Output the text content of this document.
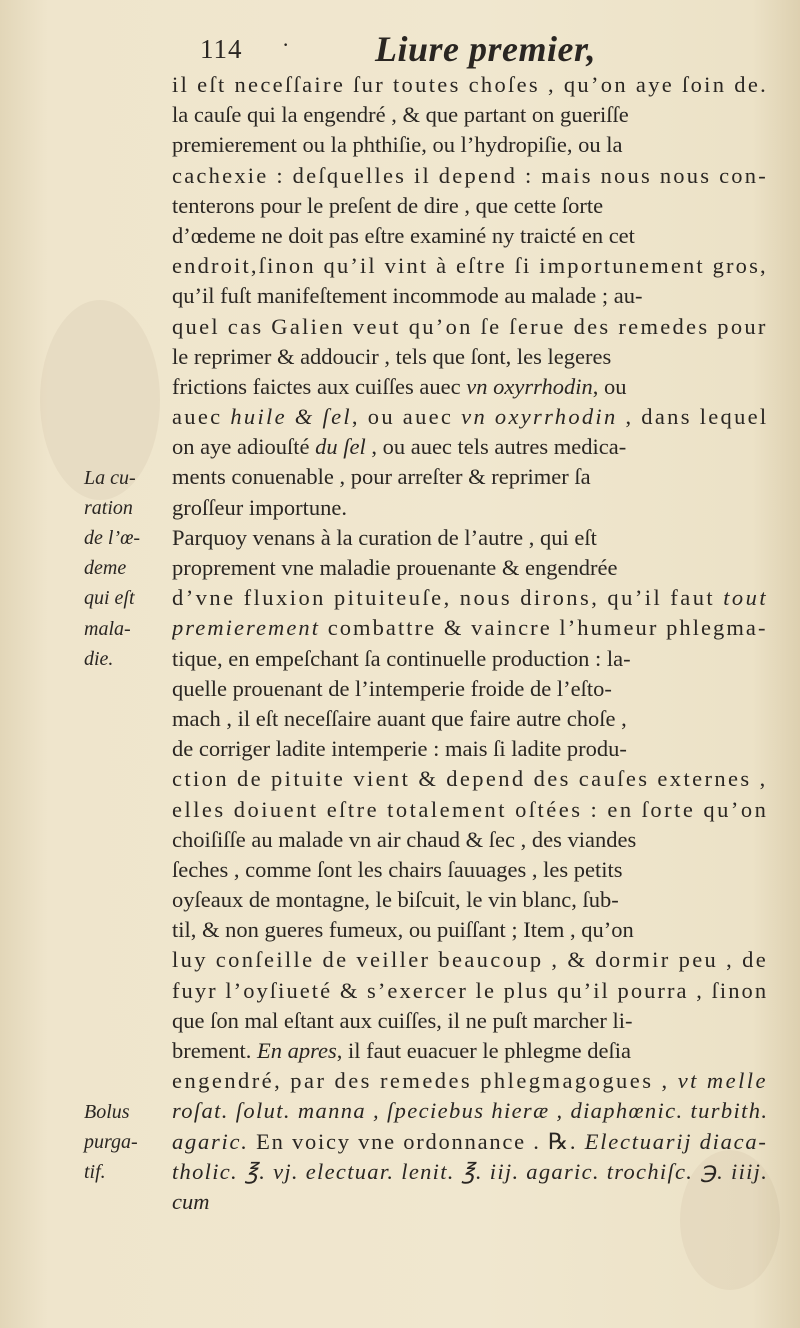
114 · Liure premier,
il eſt neceſſaire ſur toutes choſes , qu’on aye ſoin de.
la cauſe qui la engendré , & que partant on gueriſſe
premierement ou la phthiſie, ou l’hydropiſie, ou la
cachexie : deſquelles il depend : mais nous nous con-
tenterons pour le preſent de dire , que cette ſorte
d’œdeme ne doit pas eſtre examiné ny traicté en cet
endroit,ſinon qu’il vint à eſtre ſi importunement gros,
qu’il fuſt manifeſtement incommode au malade ; au-
quel cas Galien veut qu’on ſe ſerue des remedes pour
le reprimer & addoucir , tels que ſont, les legeres
frictions faictes aux cuiſſes auec vn oxyrrhodin, ou
auec huile & ſel, ou auec vn oxyrrhodin , dans lequel
on aye adiouſté du ſel , ou auec tels autres medica-
ments conuenable , pour arreſter & reprimer ſa
groſſeur importune.
Parquoy venans à la curation de l’autre , qui eſt
proprement vne maladie prouenante & engendrée
d’vne fluxion pituiteuſe, nous dirons, qu’il faut tout
premierement combattre & vaincre l’humeur phlegma-
tique, en empeſchant ſa continuelle production : la-
quelle prouenant de l’intemperie froide de l’eſto-
mach , il eſt neceſſaire auant que faire autre choſe ,
de corriger ladite intemperie : mais ſi ladite produ-
ction de pituite vient & depend des cauſes externes ,
elles doiuent eſtre totalement oſtées : en ſorte qu’on
choiſiſſe au malade vn air chaud & ſec , des viandes
ſeches , comme ſont les chairs ſauuages , les petits
oyſeaux de montagne, le biſcuit, le vin blanc, ſub-
til, & non gueres fumeux, ou puiſſant ; Item , qu’on
luy conſeille de veiller beaucoup , & dormir peu , de
fuyr l’oyſiueté & s’exercer le plus qu’il pourra , ſinon
que ſon mal eſtant aux cuiſſes, il ne puſt marcher li-
brement. En apres, il faut euacuer le phlegme deſia
engendré, par des remedes phlegmagogues , vt melle
roſat. ſolut. manna , ſpeciebus hieræ , diaphœnic. turbith.
agaric. En voicy vne ordonnance . ℞. Electuarij diaca-
tholic. ℥. vj. electuar. lenit. ℥. iij. agaric. trochiſc. ℈. iiij.
cum
La cu-
ration
de l’œ-
deme
qui eſt
mala-
die.
Bolus
purga-
tif.
